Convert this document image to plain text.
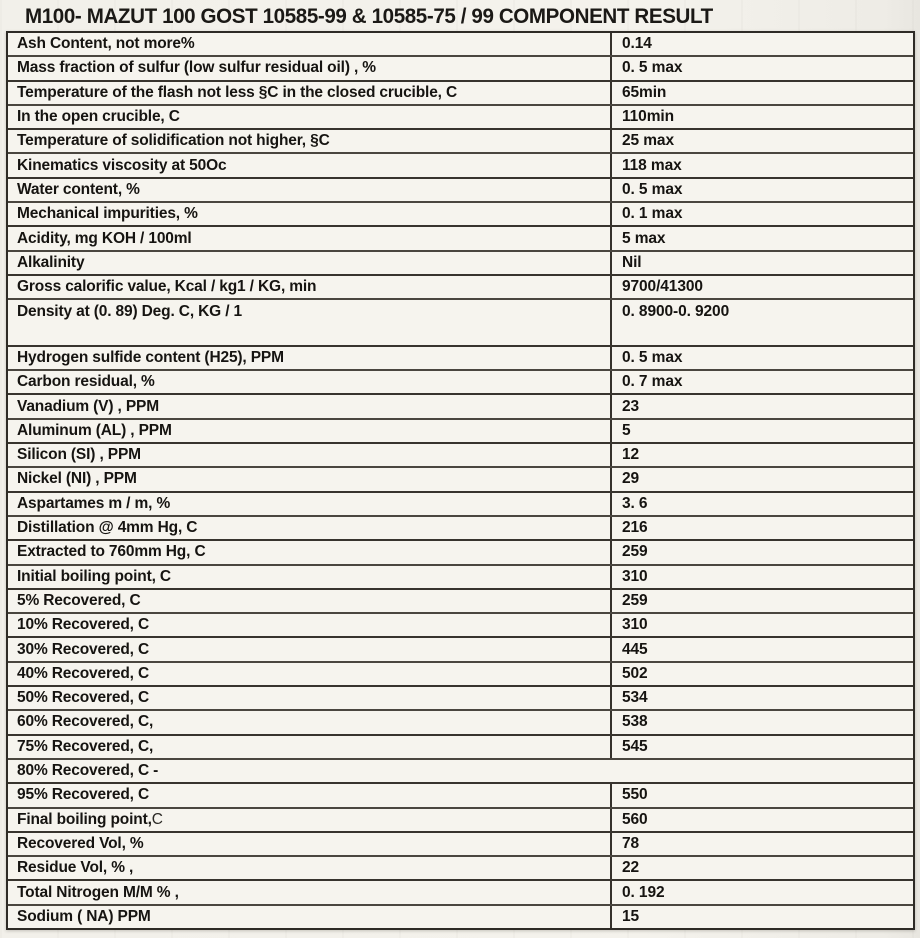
M100- MAZUT 100 GOST 10585-99 & 10585-75 / 99 COMPONENT RESULT
Ash Content, not more%	0.14
Mass fraction of sulfur (low sulfur residual oil) , %	0. 5 max
Temperature of the flash not less §C in the closed crucible, C	65min
In the open crucible, C	110min
Temperature of solidification not higher, §C	25 max
Kinematics viscosity at 50Oc	118 max
Water content, %	0. 5 max
Mechanical impurities, %	0. 1 max
Acidity, mg KOH / 100ml	5 max
Alkalinity	Nil
Gross calorific value, Kcal / kg1 / KG, min	9700/41300
Density at (0. 89) Deg. C, KG / 1	0. 8900-0. 9200
Hydrogen sulfide content (H25), PPM	0. 5 max
Carbon residual, %	0. 7 max
Vanadium (V) , PPM	23
Aluminum (AL) , PPM	5
Silicon (SI) , PPM	12
Nickel (NI) , PPM	29
Aspartames m / m, %	3. 6
Distillation @ 4mm Hg, C	216
Extracted to 760mm Hg, C	259
Initial boiling point, C	310
5% Recovered, C	259
10% Recovered, C	310
30% Recovered, C	445
40% Recovered, C	502
50% Recovered, C	534
60% Recovered, C,	538
75% Recovered, C,	545
80% Recovered, C -
95% Recovered, C	550
Final boiling point, C	560
Recovered Vol, %	78
Residue Vol, % ,	22
Total Nitrogen M/M % ,	0. 192
Sodium ( NA) PPM	15
